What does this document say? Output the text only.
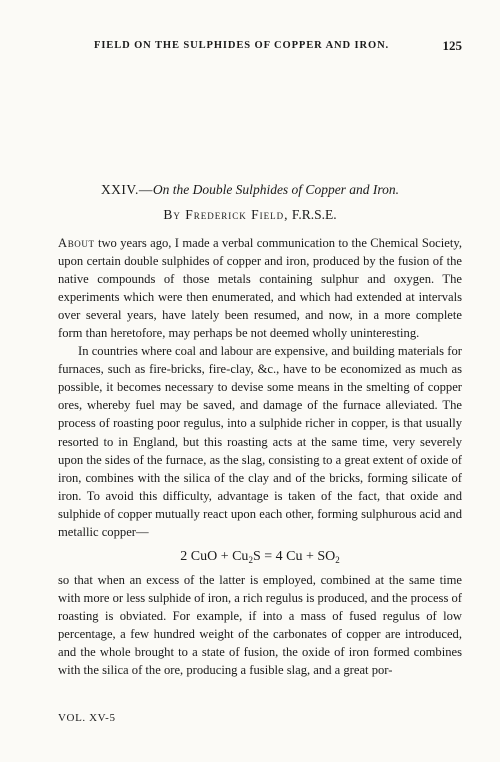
FIELD ON THE SULPHIDES OF COPPER AND IRON.	125
XXIV.—On the Double Sulphides of Copper and Iron.
By Frederick Field, F.R.S.E.

About two years ago, I made a verbal communication to the Chemical Society, upon certain double sulphides of copper and iron, produced by the fusion of the native compounds of those metals containing sulphur and oxygen. The experiments which were then enumerated, and which had extended at intervals over several years, have lately been resumed, and now, in a more complete form than heretofore, may perhaps be not deemed wholly uninteresting.

In countries where coal and labour are expensive, and building materials for furnaces, such as fire-bricks, fire-clay, &c., have to be economized as much as possible, it becomes necessary to devise some means in the smelting of copper ores, whereby fuel may be saved, and damage of the furnace alleviated. The process of roasting poor regulus, into a sulphide richer in copper, is that usually resorted to in England, but this roasting acts at the same time, very severely upon the sides of the furnace, as the slag, consisting to a great extent of oxide of iron, combines with the silica of the clay and of the bricks, forming silicate of iron. To avoid this difficulty, advantage is taken of the fact, that oxide and sulphide of copper mutually react upon each other, forming sulphurous acid and metallic copper—

2 CuO + $Cu_2S = 4$ $Cu + SO_2$

so that when an excess of the latter is employed, combined at the same time with more or less sulphide of iron, a rich regulus is produced, and the process of roasting is obviated. For example, if into a mass of fused regulus of low percentage, a few hundred weight of the carbonates of copper are introduced, and the whole brought to a state of fusion, the oxide of iron formed combines with the silica of the ore, producing a fusible slag, and a great por-

VOL. XV-5
